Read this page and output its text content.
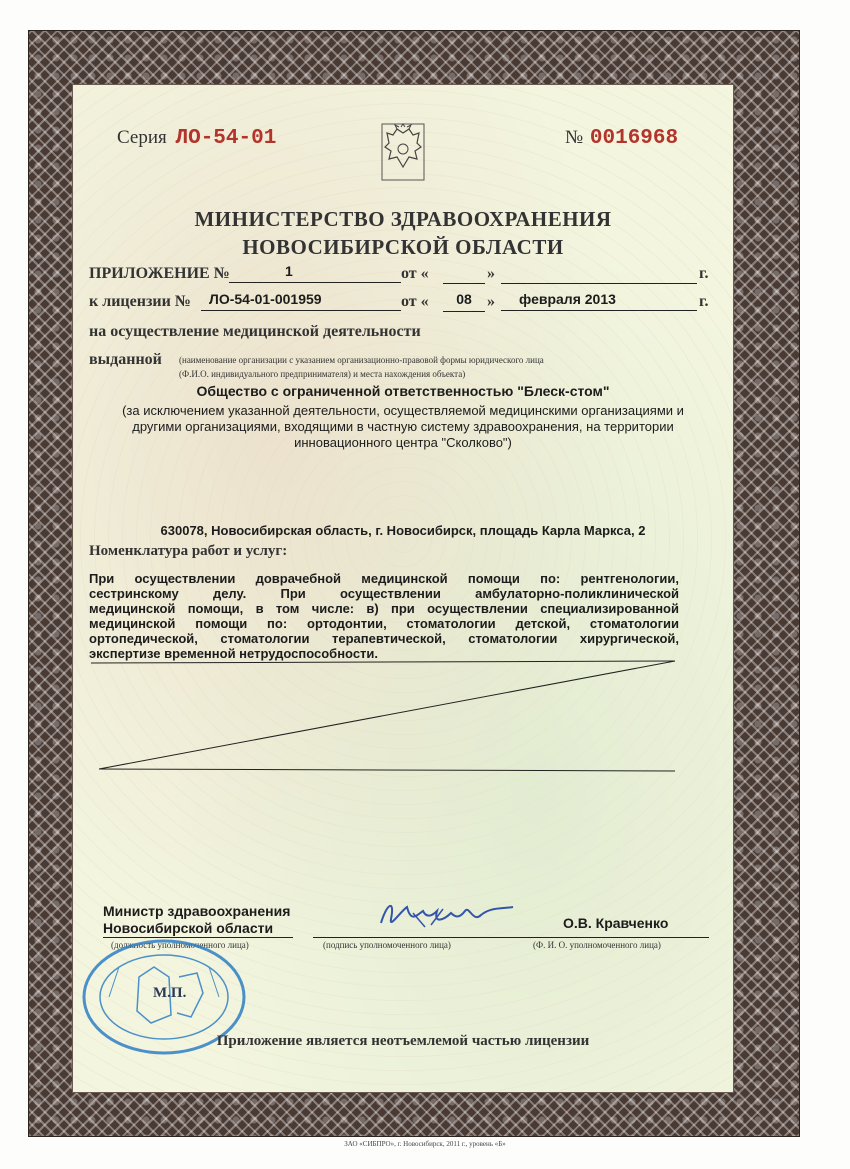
Серия ЛО-54-01	№ 0016968
МИНИСТЕРСТВО ЗДРАВООХРАНЕНИЯ
НОВОСИБИРСКОЙ ОБЛАСТИ
ПРИЛОЖЕНИЕ №	1	от «	»	г.
к лицензии №	ЛО-54-01-001959	от «	08 »	февраля 2013	г.
на осуществление медицинской деятельности
выданной (наименование организации с указанием организационно-правовой формы юридического лица
(Ф.И.О. индивидуального предпринимателя) и места нахождения объекта)
Общество с ограниченной ответственностью "Блеск-стом"
(за исключением указанной деятельности, осуществляемой медицинскими организациями и другими организациями, входящими в частную систему здравоохранения, на территории инновационного центра "Сколково")
630078, Новосибирская область, г. Новосибирск, площадь Карла Маркса, 2
Номенклатура работ и услуг:
При осуществлении доврачебной медицинской помощи по: рентгенологии,
сестринскому делу. При осуществлении амбулаторно-поликлинической
медицинской помощи, в том числе: в) при осуществлении специализированной
медицинской помощи по: ортодонтии, стоматологии детской, стоматологии
ортопедической, стоматологии терапевтической, стоматологии хирургической,
экспертизе временной нетрудоспособности.
Министр здравоохранения
Новосибирской области
(должность уполномоченного лица)	(подпись уполномоченного лица)
О.В. Кравченко
(Ф. И. О. уполномоченного лица)
М.П.
Приложение является неотъемлемой частью лицензии
ЗАО «СИБПРО», г. Новосибирск, 2011 г., уровень «Б»
